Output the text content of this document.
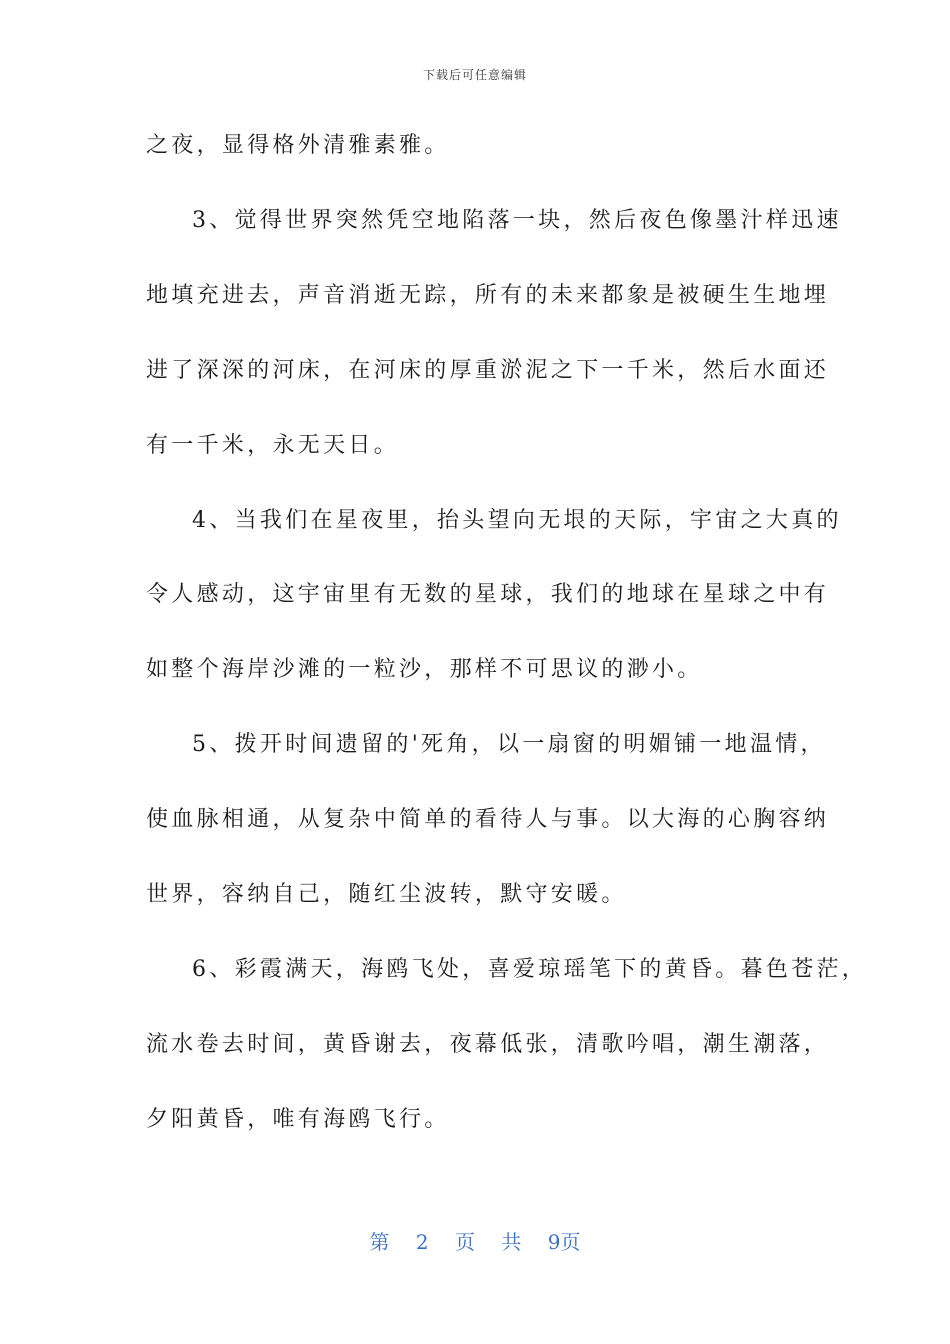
下载后可任意编辑
之夜，显得格外清雅素雅。
3、觉得世界突然凭空地陷落一块，然后夜色像墨汁样迅速
地填充进去，声音消逝无踪，所有的未来都象是被硬生生地埋
进了深深的河床，在河床的厚重淤泥之下一千米，然后水面还
有一千米，永无天日。
4、当我们在星夜里，抬头望向无垠的天际，宇宙之大真的
令人感动，这宇宙里有无数的星球，我们的地球在星球之中有
如整个海岸沙滩的一粒沙，那样不可思议的渺小。
5、拨开时间遗留的'死角，以一扇窗的明媚铺一地温情，
使血脉相通，从复杂中简单的看待人与事。以大海的心胸容纳
世界，容纳自己，随红尘波转，默守安暖。
6、彩霞满天，海鸥飞处，喜爱琼瑶笔下的黄昏。暮色苍茫，
流水卷去时间，黄昏谢去，夜幕低张，清歌吟唱，潮生潮落，
夕阳黄昏，唯有海鸥飞行。
第 2 页 共 9页
